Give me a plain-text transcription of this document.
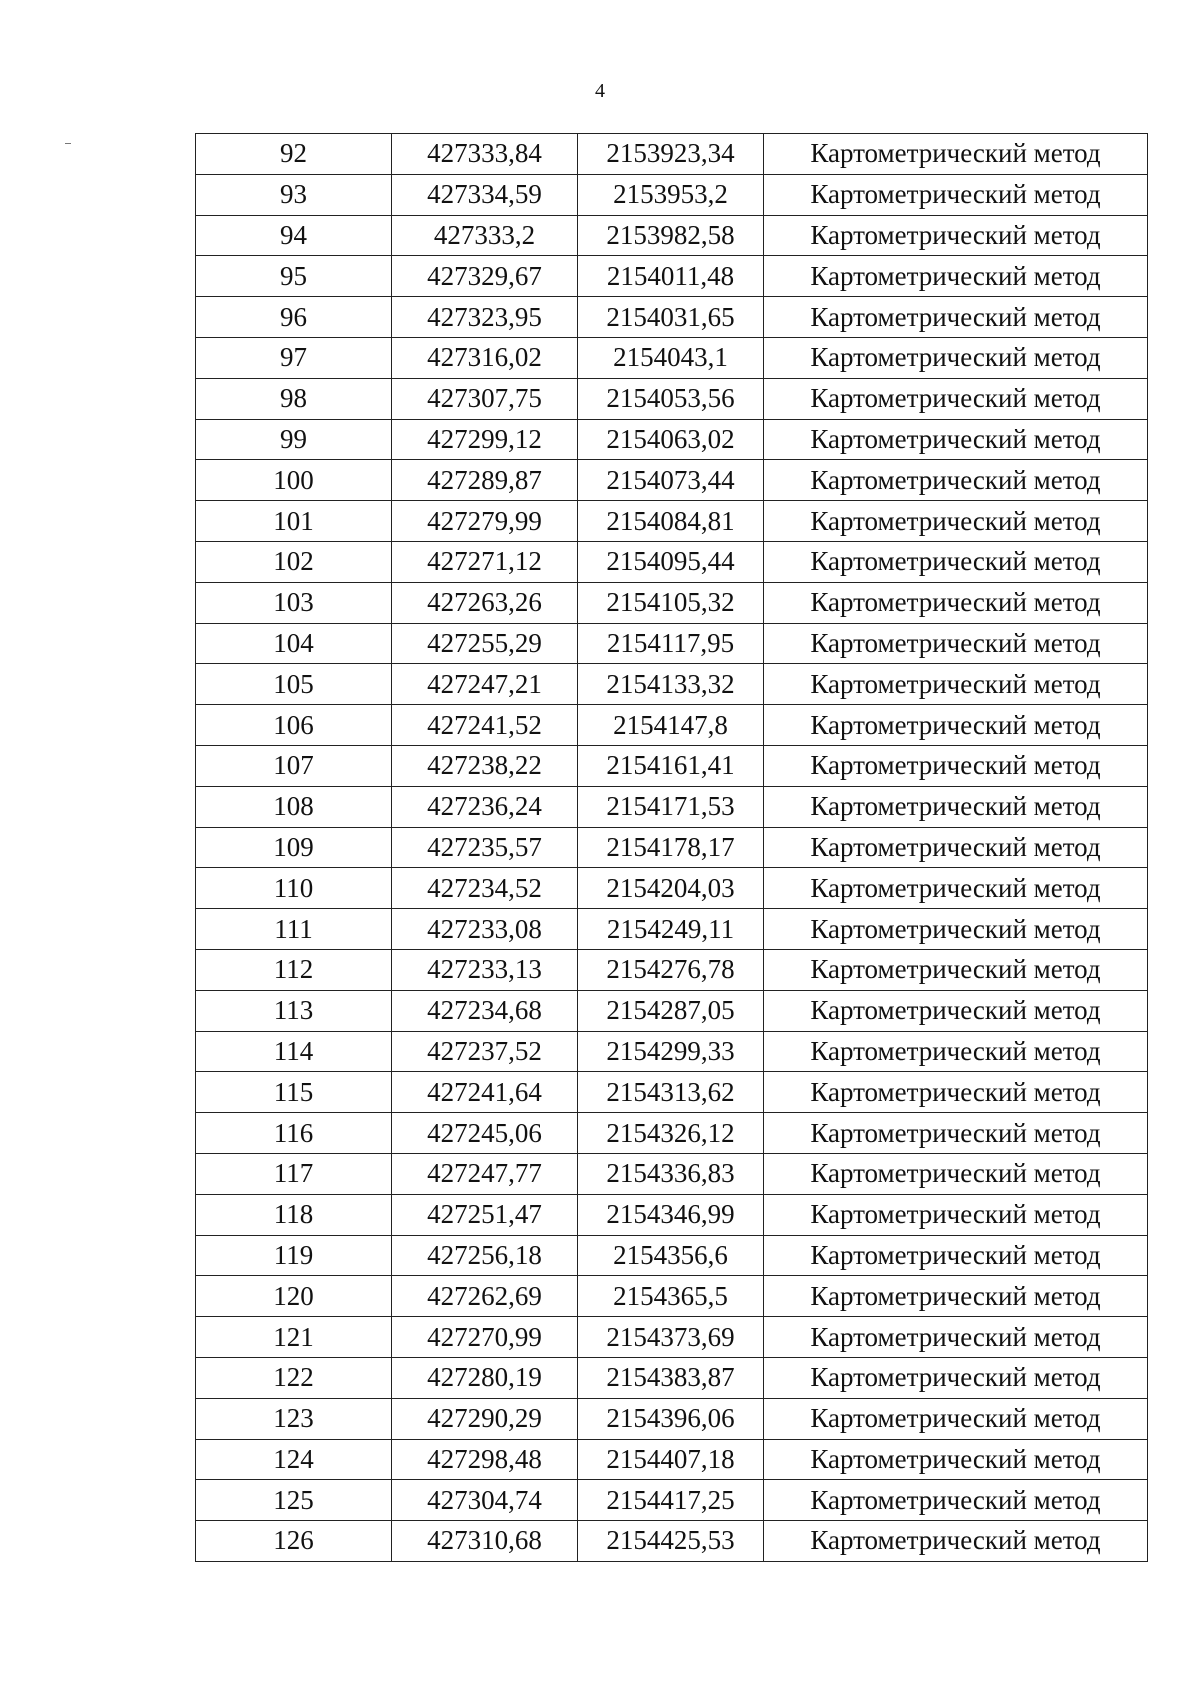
4
92	427333,84	2153923,34	Картометрический метод
93	427334,59	2153953,2	Картометрический метод
94	427333,2	2153982,58	Картометрический метод
95	427329,67	2154011,48	Картометрический метод
96	427323,95	2154031,65	Картометрический метод
97	427316,02	2154043,1	Картометрический метод
98	427307,75	2154053,56	Картометрический метод
99	427299,12	2154063,02	Картометрический метод
100	427289,87	2154073,44	Картометрический метод
101	427279,99	2154084,81	Картометрический метод
102	427271,12	2154095,44	Картометрический метод
103	427263,26	2154105,32	Картометрический метод
104	427255,29	2154117,95	Картометрический метод
105	427247,21	2154133,32	Картометрический метод
106	427241,52	2154147,8	Картометрический метод
107	427238,22	2154161,41	Картометрический метод
108	427236,24	2154171,53	Картометрический метод
109	427235,57	2154178,17	Картометрический метод
110	427234,52	2154204,03	Картометрический метод
111	427233,08	2154249,11	Картометрический метод
112	427233,13	2154276,78	Картометрический метод
113	427234,68	2154287,05	Картометрический метод
114	427237,52	2154299,33	Картометрический метод
115	427241,64	2154313,62	Картометрический метод
116	427245,06	2154326,12	Картометрический метод
117	427247,77	2154336,83	Картометрический метод
118	427251,47	2154346,99	Картометрический метод
119	427256,18	2154356,6	Картометрический метод
120	427262,69	2154365,5	Картометрический метод
121	427270,99	2154373,69	Картометрический метод
122	427280,19	2154383,87	Картометрический метод
123	427290,29	2154396,06	Картометрический метод
124	427298,48	2154407,18	Картометрический метод
125	427304,74	2154417,25	Картометрический метод
126	427310,68	2154425,53	Картометрический метод
